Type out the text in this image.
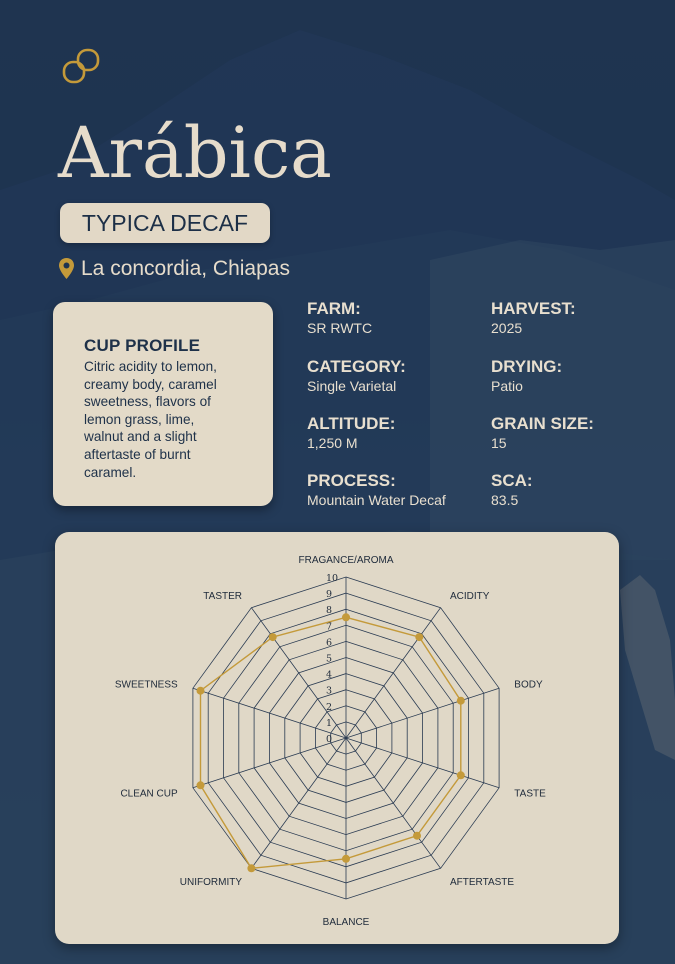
Arábica
TYPICA DECAF
La concordia, Chiapas
CUP PROFILE

Citric acidity to lemon,
creamy body, caramel
sweetness, flavors of
lemon grass, lime,
walnut and a slight
aftertaste of burnt
caramel.

FARM:
SR RWTC
HARVEST:
2025
CATEGORY:
Single Varietal
DRYING:
Patio
ALTITUDE:
1,250 M
GRAIN SIZE:
15
PROCESS:
Mountain Water Decaf
SCA:
83.5
0
1
2
3
4
5
6
7
8
9
10
FRAGANCE/AROMA
ACIDITY
BODY
TASTE
AFTERTASTE
BALANCE
UNIFORMITY
CLEAN CUP
SWEETNESS
TASTER
